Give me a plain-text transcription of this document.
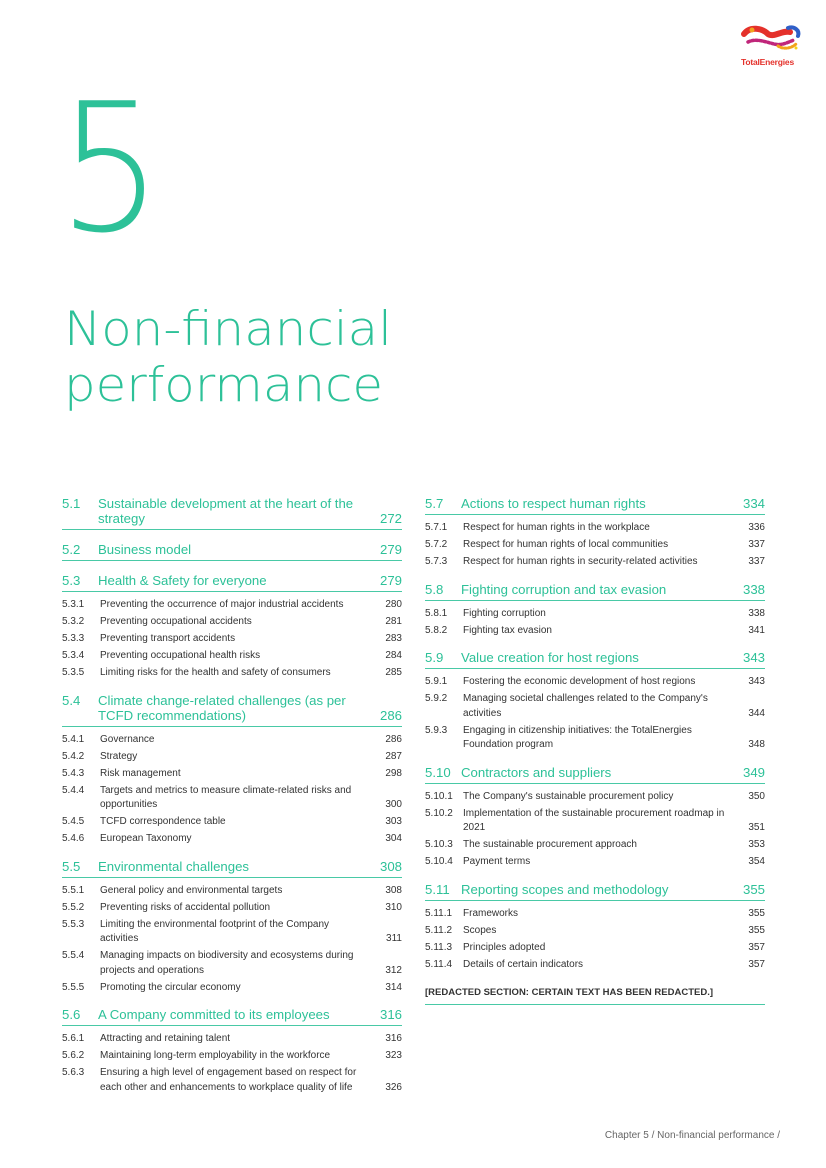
TotalEnergies
5
Non-financial performance
5.1	Sustainable development at the heart of the strategy	272
5.2	Business model	279
5.3	Health & Safety for everyone	279
5.3.1	Preventing the occurrence of major industrial accidents	280
5.3.2	Preventing occupational accidents	281
5.3.3	Preventing transport accidents	283
5.3.4	Preventing occupational health risks	284
5.3.5	Limiting risks for the health and safety of consumers	285
5.4	Climate change-related challenges (as per TCFD recommendations)	286
5.4.1	Governance	286
5.4.2	Strategy	287
5.4.3	Risk management	298
5.4.4	Targets and metrics to measure climate-related risks and opportunities	300
5.4.5	TCFD correspondence table	303
5.4.6	European Taxonomy	304
5.5	Environmental challenges	308
5.5.1	General policy and environmental targets	308
5.5.2	Preventing risks of accidental pollution	310
5.5.3	Limiting the environmental footprint of the Company activities	311
5.5.4	Managing impacts on biodiversity and ecosystems during projects and operations	312
5.5.5	Promoting the circular economy	314
5.6	A Company committed to its employees	316
5.6.1	Attracting and retaining talent	316
5.6.2	Maintaining long-term employability in the workforce	323
5.6.3	Ensuring a high level of engagement based on respect for each other and enhancements to workplace quality of life	326
5.7	Actions to respect human rights	334
5.7.1	Respect for human rights in the workplace	336
5.7.2	Respect for human rights of local communities	337
5.7.3	Respect for human rights in security-related activities	337
5.8	Fighting corruption and tax evasion	338
5.8.1	Fighting corruption	338
5.8.2	Fighting tax evasion	341
5.9	Value creation for host regions	343
5.9.1	Fostering the economic development of host regions	343
5.9.2	Managing societal challenges related to the Company's activities	344
5.9.3	Engaging in citizenship initiatives: the TotalEnergies Foundation program	348
5.10 Contractors and suppliers	349
5.10.1	The Company's sustainable procurement policy	350
5.10.2	Implementation of the sustainable procurement roadmap in 2021	351
5.10.3	The sustainable procurement approach	353
5.10.4	Payment terms	354
5.11 Reporting scopes and methodology	355
5.11.1	Frameworks	355
5.11.2	Scopes	355
5.11.3	Principles adopted	357
5.11.4	Details of certain indicators	357
[REDACTED SECTION: CERTAIN TEXT HAS BEEN REDACTED.]
Chapter 5 / Non-financial performance /
